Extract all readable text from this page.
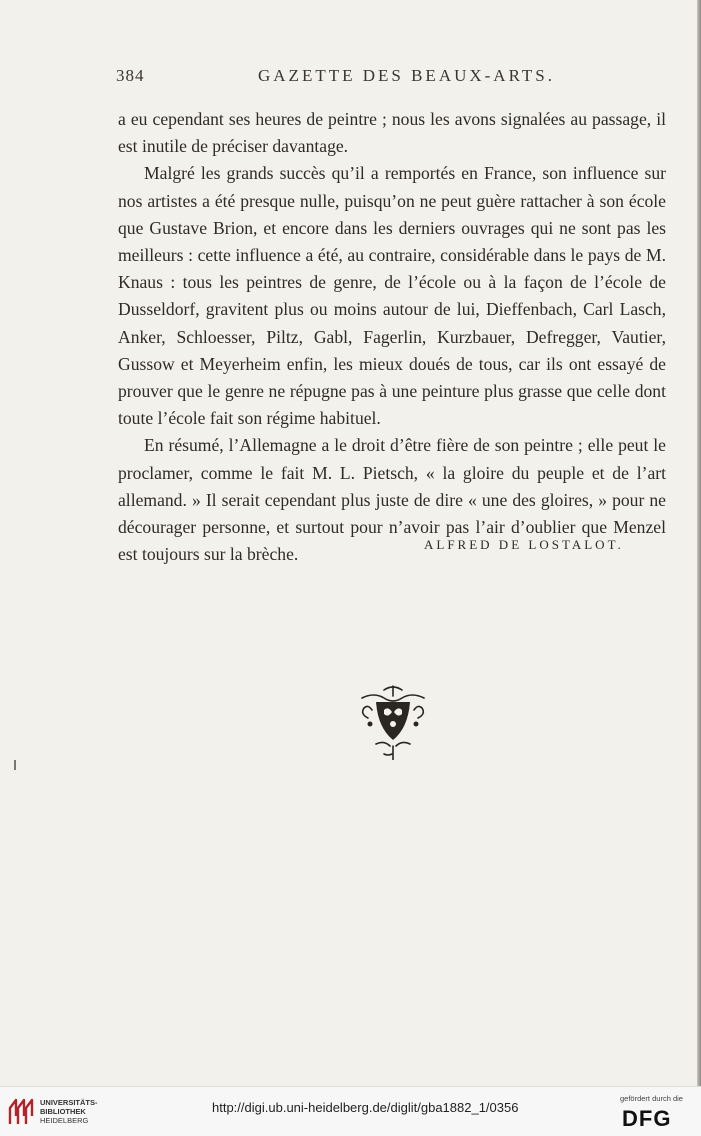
384	GAZETTE DES BEAUX-ARTS.

a eu cependant ses heures de peintre ; nous les avons signalées au passage, il est inutile de préciser davantage.

Malgré les grands succès qu’il a remportés en France, son influence sur nos artistes a été presque nulle, puisqu’on ne peut guère rattacher à son école que Gustave Brion, et encore dans les derniers ouvrages qui ne sont pas les meilleurs : cette influence a été, au contraire, considérable dans le pays de M. Knaus : tous les peintres de genre, de l’école ou à la façon de l’école de Dusseldorf, gravitent plus ou moins autour de lui, Dieffenbach, Carl Lasch, Anker, Schloesser, Piltz, Gabl, Fagerlin, Kurzbauer, Defregger, Vautier, Gussow et Meyerheim enfin, les mieux doués de tous, car ils ont essayé de prouver que le genre ne répugne pas à une peinture plus grasse que celle dont toute l’école fait son régime habituel.

En résumé, l’Allemagne a le droit d’être fière de son peintre ; elle peut le proclamer, comme le fait M. L. Pietsch, « la gloire du peuple et de l’art allemand. » Il serait cependant plus juste de dire « une des gloires, » pour ne décourager personne, et surtout pour n’avoir pas l’air d’oublier que Menzel est toujours sur la brèche.	ALFRED DE LOSTALOT.
UNIVERSITÄTS-
BIBLIOTHEK
HEIDELBERG
http://digi.ub.uni-heidelberg.de/diglit/gba1882_1/0356
gefördert durch die
DFG
